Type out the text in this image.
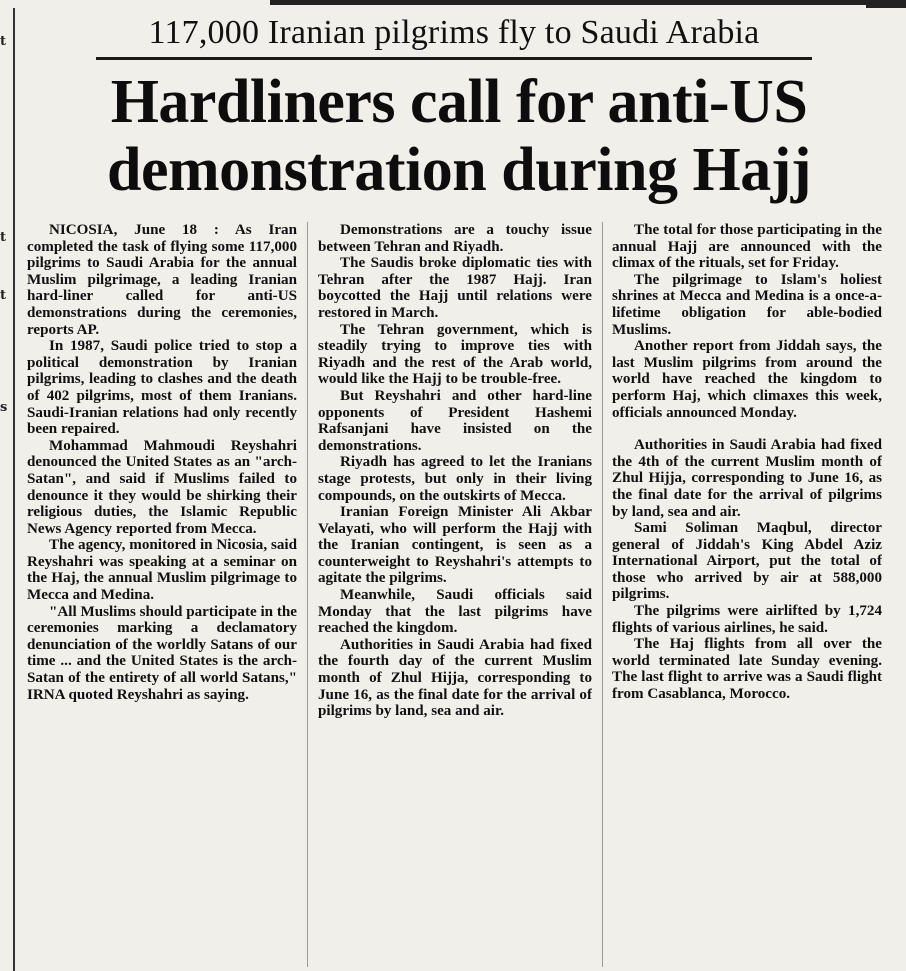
t
t
t
s
117,000 Iranian pilgrims fly to Saudi Arabia
Hardliners call for anti-US
demonstration during Hajj

NICOSIA, June 18 : As Iran completed the task of flying some 117,000 pilgrims to Saudi Arabia for the annual Muslim pilgrimage, a leading Iranian hard-liner called for anti-US demonstrations during the ceremonies, reports AP.

In 1987, Saudi police tried to stop a political demonstration by Iranian pilgrims, leading to clashes and the death of 402 pilgrims, most of them Iranians. Saudi-Iranian relations had only recently been repaired.

Mohammad Mahmoudi Reyshahri denounced the United States as an "arch-Satan", and said if Muslims failed to denounce it they would be shirking their religious duties, the Islamic Republic News Agency reported from Mecca.

The agency, monitored in Nicosia, said Reyshahri was speaking at a seminar on the Haj, the annual Muslim pilgrimage to Mecca and Medina.

"All Muslims should participate in the ceremonies marking a declamatory denunciation of the worldly Satans of our time ... and the United States is the arch-Satan of the entirety of all world Satans," IRNA quoted Reyshahri as saying.

Demonstrations are a touchy issue between Tehran and Riyadh.

The Saudis broke diplomatic ties with Tehran after the 1987 Hajj. Iran boycotted the Hajj until relations were restored in March.

The Tehran government, which is steadily trying to improve ties with Riyadh and the rest of the Arab world, would like the Hajj to be trouble-free.

But Reyshahri and other hard-line opponents of President Hashemi Rafsanjani have insisted on the demonstrations.

Riyadh has agreed to let the Iranians stage protests, but only in their living compounds, on the outskirts of Mecca.

Iranian Foreign Minister Ali Akbar Velayati, who will perform the Hajj with the Iranian contingent, is seen as a counterweight to Reyshahri's attempts to agitate the pilgrims.

Meanwhile, Saudi officials said Monday that the last pilgrims have reached the kingdom.

Authorities in Saudi Arabia had fixed the fourth day of the current Muslim month of Zhul Hijja, corresponding to June 16, as the final date for the arrival of pilgrims by land, sea and air.

The total for those participating in the annual Hajj are announced with the climax of the rituals, set for Friday.

The pilgrimage to Islam's holiest shrines at Mecca and Medina is a once-a-lifetime obligation for able-bodied Muslims.

Another report from Jiddah says, the last Muslim pilgrims from around the world have reached the kingdom to perform Haj, which climaxes this week, officials announced Monday.

Authorities in Saudi Arabia had fixed the 4th of the current Muslim month of Zhul Hijja, corresponding to June 16, as the final date for the arrival of pilgrims by land, sea and air.

Sami Soliman Maqbul, director general of Jiddah's King Abdel Aziz International Airport, put the total of those who arrived by air at 588,000 pilgrims.

The pilgrims were airlifted by 1,724 flights of various airlines, he said.

The Haj flights from all over the world terminated late Sunday evening. The last flight to arrive was a Saudi flight from Casablanca, Morocco.
